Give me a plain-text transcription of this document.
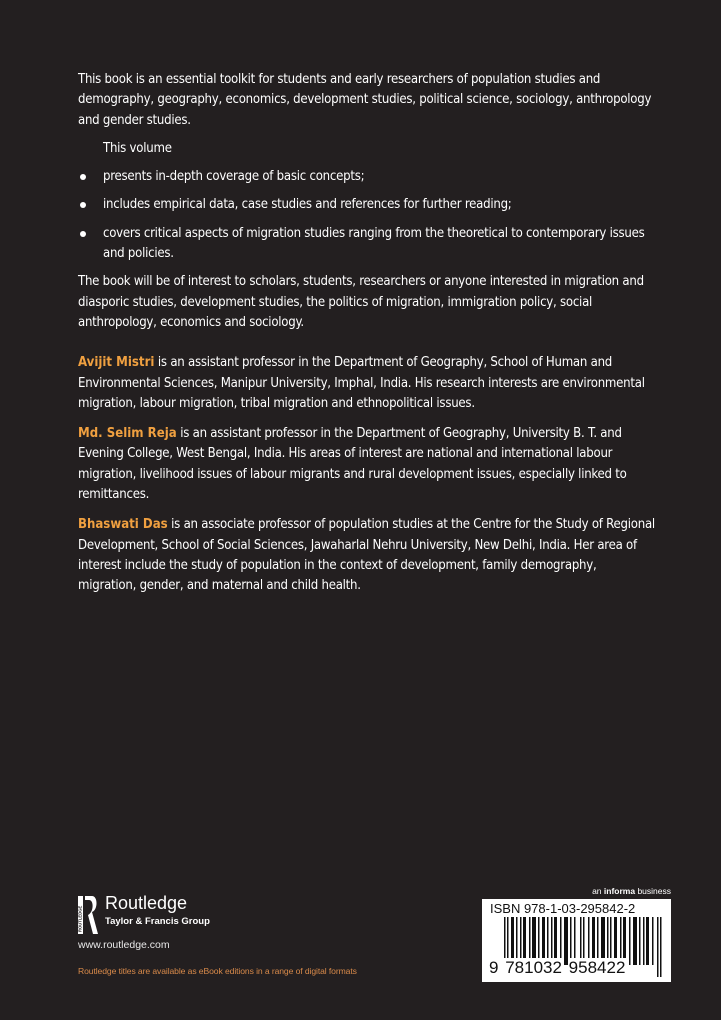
This book is an essential toolkit for students and early researchers of population studies and demography, geography, economics, development studies, political science, sociology, anthropology and gender studies.

This volume

presents in-depth coverage of basic concepts;
includes empirical data, case studies and references for further reading;
covers critical aspects of migration studies ranging from the theoretical to contemporary issues and policies.

The book will be of interest to scholars, students, researchers or anyone interested in migration and diasporic studies, development studies, the politics of migration, immigration policy, social anthropology, economics and sociology.

Avijit Mistri is an assistant professor in the Department of Geography, School of Human and Environmental Sciences, Manipur University, Imphal, India. His research interests are environmental migration, labour migration, tribal migration and ethnopolitical issues.

Md. Selim Reja is an assistant professor in the Department of Geography, University B. T. and Evening College, West Bengal, India. His areas of interest are national and international labour migration, livelihood issues of labour migrants and rural development issues, especially linked to remittances.

Bhaswati Das is an associate professor of population studies at the Centre for the Study of Regional Development, School of Social Sciences, Jawaharlal Nehru University, New Delhi, India. Her area of interest include the study of population in the context of development, family demography, migration, gender, and maternal and child health.

ROUTLEDGE
Routledge
Taylor & Francis Group
www.routledge.com
Routledge titles are available as eBook editions in a range of digital formats
an informa business
ISBN 978-1-03-295842-2
9 781032 958422
